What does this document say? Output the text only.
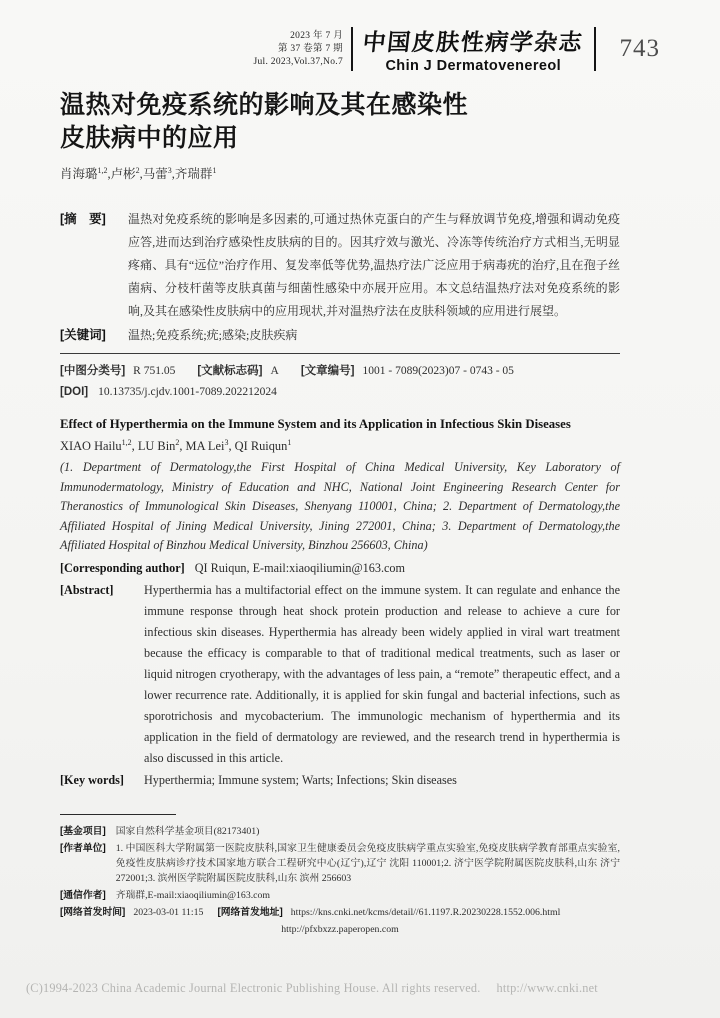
2023 年 7 月
第 37 卷第 7 期
Jul. 2023,Vol.37,No.7
中国皮肤性病学杂志
Chin J Dermatovenereol
743
温热对免疫系统的影响及其在感染性皮肤病中的应用
肖海璐$^{1,2}$,卢彬$^2$,马蕾$^3$,齐瑞群$^1$
[摘　要]	温热对免疫系统的影响是多因素的,可通过热休克蛋白的产生与释放调节免疫,增强和调动免疫应答,进而达到治疗感染性皮肤病的目的。因其疗效与激光、冷冻等传统治疗方式相当,无明显疼痛、具有“远位”治疗作用、复发率低等优势,温热疗法广泛应用于病毒疣的治疗,且在孢子丝菌病、分枝杆菌等皮肤真菌与细菌性感染中亦展开应用。本文总结温热疗法对免疫系统的影响,及其在感染性皮肤病中的应用现状,并对温热疗法在皮肤科领域的应用进行展望。
[关键词]	温热;免疫系统;疣;感染;皮肤疾病
[中图分类号] R 751.05 [文献标志码] A [文章编号] 1001 - 7089(2023)07 - 0743 - 05
[DOI] 10.13735/j.cjdv.1001-7089.202212024
Effect of Hyperthermia on the Immune System and its Application in Infectious Skin Diseases
XIAO Hailu$^{1,2}$, LU Bin$^2$, MA Lei$^3$, QI Ruiqun$^1$
(1. Department of Dermatology,the First Hospital of China Medical University, Key Laboratory of Immunodermatology, Ministry of Education and NHC, National Joint Engineering Research Center for Theranostics of Immunological Skin Diseases, Shenyang 110001, China; 2. Department of Dermatology,the Affiliated Hospital of Jining Medical University, Jining 272001, China; 3. Department of Dermatology,the Affiliated Hospital of Binzhou Medical University, Binzhou 256603, China)
[Corresponding author] QI Ruiqun, E-mail:xiaoqiliumin@163.com
[Abstract]	Hyperthermia has a multifactorial effect on the immune system. It can regulate and enhance the immune response through heat shock protein production and release to achieve a cure for infectious skin diseases. Hyperthermia has already been widely applied in viral wart treatment because the efficacy is comparable to that of traditional medical treatments, such as laser or liquid nitrogen cryotherapy, with the advantages of less pain, a “remote” therapeutic effect, and a lower recurrence rate. Additionally, it is applied for skin fungal and bacterial infections, such as sporotrichosis and mycobacterium. The immunologic mechanism of hyperthermia and its application in the field of dermatology are reviewed, and the research trend in hyperthermia is also discussed in this article.
[Key words]	Hyperthermia; Immune system; Warts; Infections; Skin diseases
[基金项目] 国家自然科学基金项目(82173401)
[作者单位] 1. 中国医科大学附属第一医院皮肤科,国家卫生健康委员会免疫皮肤病学重点实验室,免疫皮肤病学教育部重点实验室,免疫性皮肤病诊疗技术国家地方联合工程研究中心(辽宁),辽宁 沈阳 110001;2. 济宁医学院附属医院皮肤科,山东 济宁 272001;3. 滨州医学院附属医院皮肤科,山东 滨州 256603
[通信作者] 齐瑞群,E-mail:xiaoqiliumin@163.com
[网络首发时间] 2023-03-01 11:15 [网络首发地址] https://kns.cnki.net/kcms/detail//61.1197.R.20230228.1552.006.html
http://pfxbxzz.paperopen.com
(C)1994-2023 China Academic Journal Electronic Publishing House. All rights reserved. http://www.cnki.net
